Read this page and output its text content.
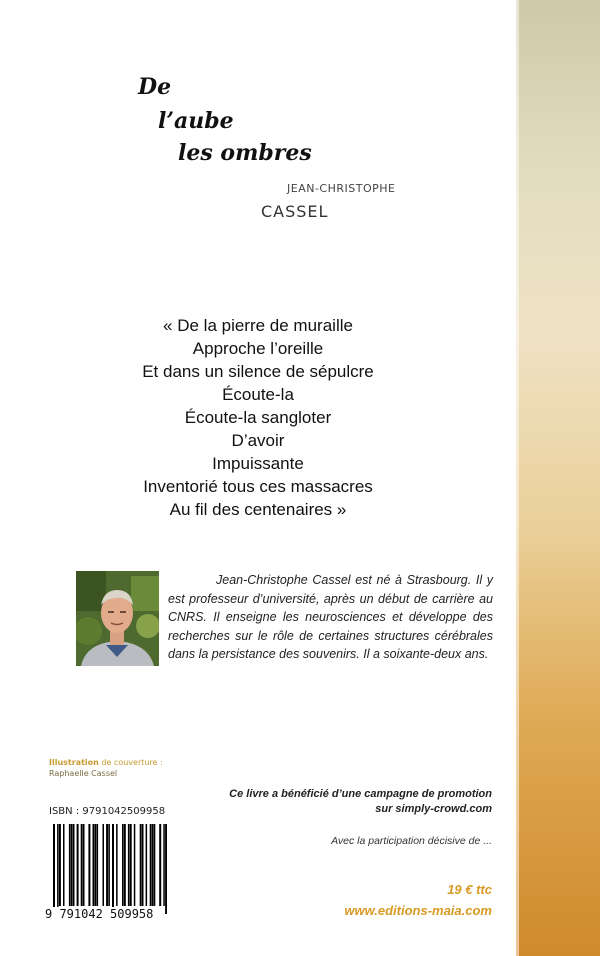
De
l’aube
les ombres
JEAN-CHRISTOPHE
CASSEL
« De la pierre de muraille
Approche l’oreille
Et dans un silence de sépulcre
Écoute-la
Écoute-la sangloter
D’avoir
Impuissante
Inventorié tous ces massacres
Au fil des centenaires »
Jean-Christophe Cassel est né à Strasbourg. Il y est professeur d’université, après un début de carrière au CNRS. Il enseigne les neurosciences et développe des recherches sur le rôle de certaines structures cérébrales dans la persistance des souvenirs. Il a soixante-deux ans.
Illustration de couverture :
Raphaelle Cassel
Ce livre a bénéficié d’une campagne de promotion
sur simply-crowd.com
ISBN : 9791042509958
9 791042 509958
Avec la participation décisive de ...
19 € ttc
www.editions-maia.com
